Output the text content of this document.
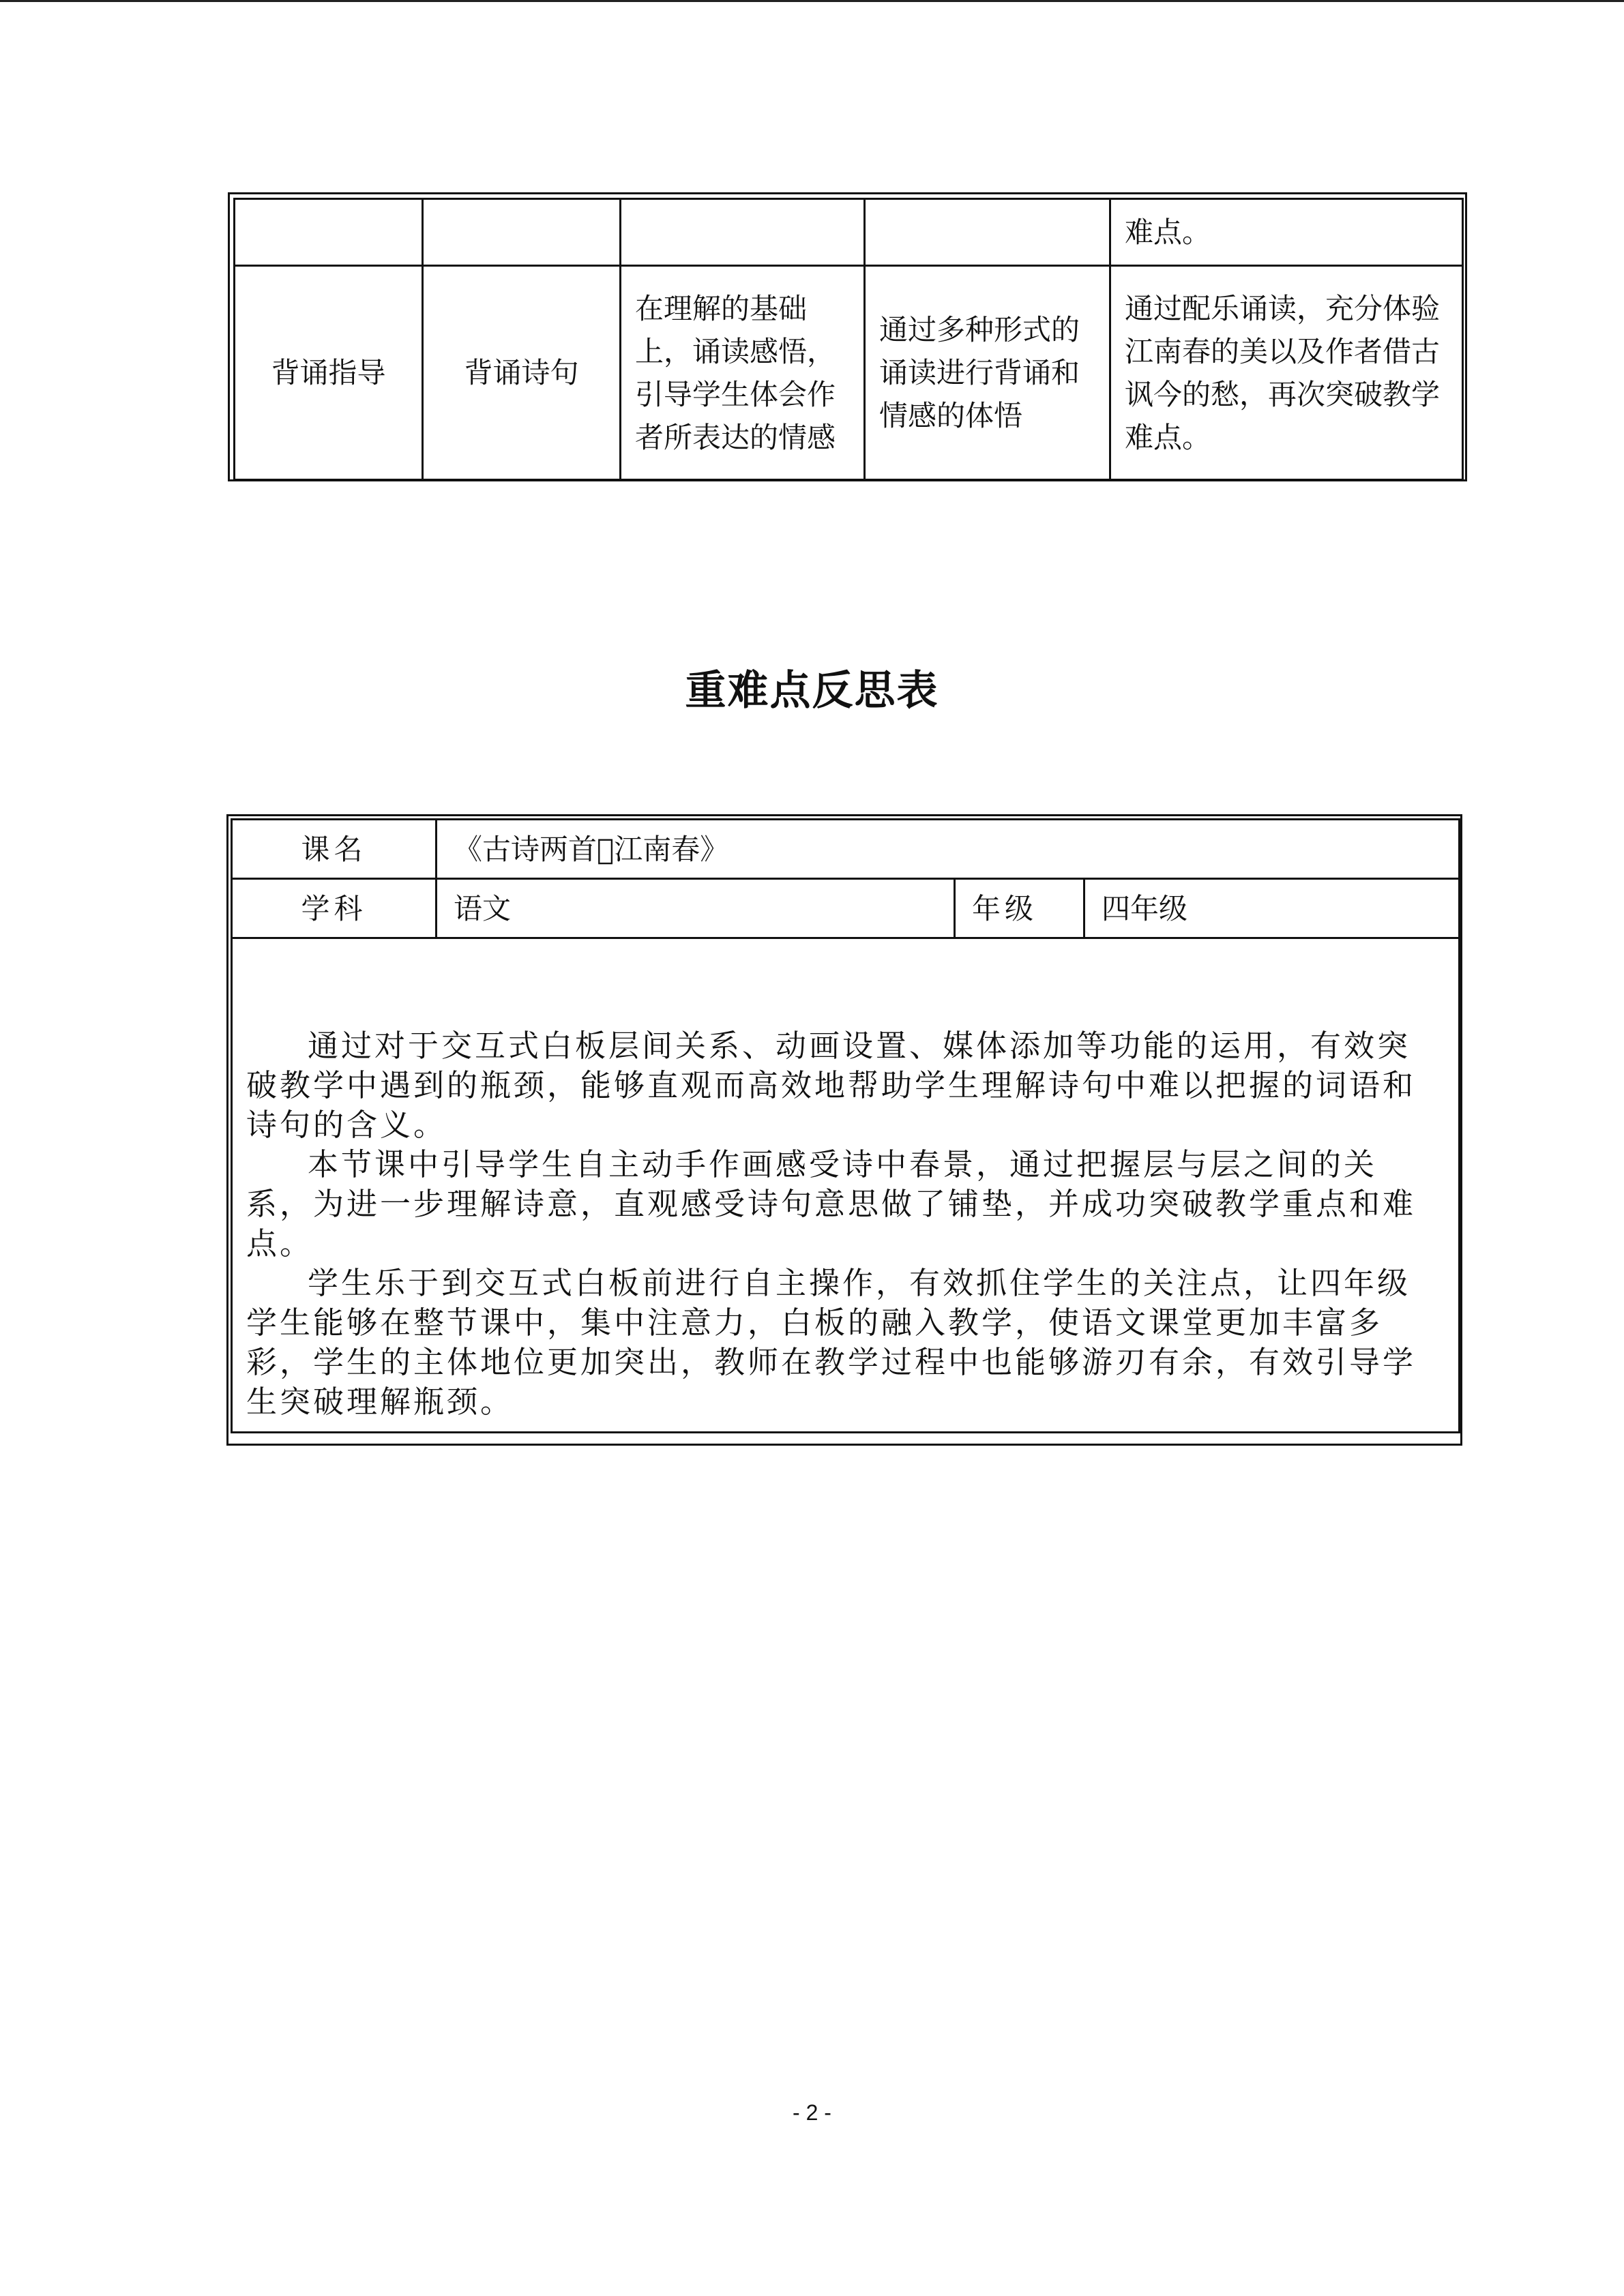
				难点。
背诵指导	背诵诗句	在理解的基础上，诵读感悟，引导学生体会作者所表达的情感	通过多种形式的诵读进行背诵和情感的体悟	通过配乐诵读，充分体验江南春的美以及作者借古讽今的愁，再次突破教学难点。
重难点反思表
课名	《古诗两首 江南春》		
学科	语文	年级	四年级

通过对于交互式白板层间关系、动画设置、媒体添加等功能的运用，有效突破教学中遇到的瓶颈，能够直观而高效地帮助学生理解诗句中难以把握的词语和诗句的含义。

本节课中引导学生自主动手作画感受诗中春景，通过把握层与层之间的关系，为进一步理解诗意，直观感受诗句意思做了铺垫，并成功突破教学重点和难点。

学生乐于到交互式白板前进行自主操作，有效抓住学生的关注点，让四年级学生能够在整节课中，集中注意力，白板的融入教学，使语文课堂更加丰富多彩，学生的主体地位更加突出，教师在教学过程中也能够游刃有余，有效引导学生突破理解瓶颈。			

- 2 -
